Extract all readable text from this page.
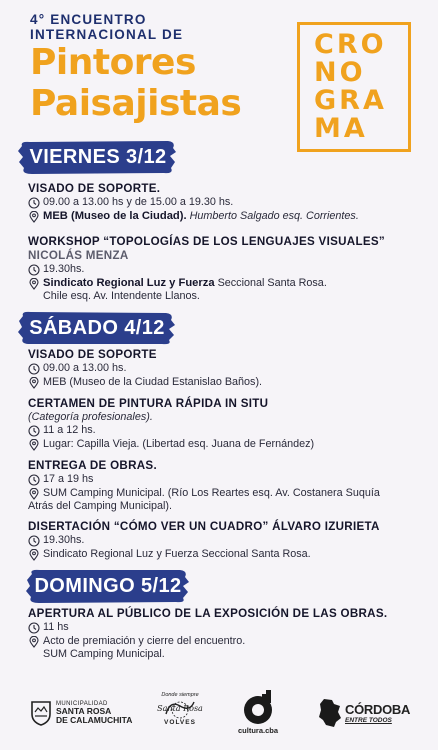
4° ENCUENTRO
INTERNACIONAL DE
Pintores
Paisajistas
CRO
NO
GRA
MA
VIERNES 3/12
VISADO DE SOPORTE.
09.00 a 13.00 hs y de 15.00 a 19.30 hs.
MEB (Museo de la Ciudad). Humberto Salgado esq. Corrientes.
WORKSHOP “TOPOLOGÍAS DE LOS LENGUAJES VISUALES”
NICOLÁS MENZA
19.30hs.
Sindicato Regional Luz y Fuerza Seccional Santa Rosa.
Chile esq. Av. Intendente Llanos.
SÁBADO 4/12
VISADO DE SOPORTE
09.00 a 13.00 hs.
MEB (Museo de la Ciudad Estanislao Baños).
CERTAMEN DE PINTURA RÁPIDA IN SITU
(Categoría profesionales).
11 a 12 hs.
Lugar: Capilla Vieja. (Libertad esq. Juana de Fernández)
ENTREGA DE OBRAS.
17 a 19 hs
SUM Camping Municipal. (Río Los Reartes esq. Av. Costanera Suquía
Atrás del Camping Municipal).
DISERTACIÓN “CÓMO VER UN CUADRO” ÁLVARO IZURIETA
19.30hs.
Sindicato Regional Luz y Fuerza Seccional Santa Rosa.
DOMINGO 5/12
APERTURA AL PÚBLICO DE LA EXPOSICIÓN DE LAS OBRAS.
11 hs
Acto de premiación y cierre del encuentro.
SUM Camping Municipal.
MUNICIPALIDAD
SANTA ROSA
DE CALAMUCHITA
Donde siempre
Santa Rosa
VOLVES
cultura.cba
CÓRDOBA
ENTRE TODOS
